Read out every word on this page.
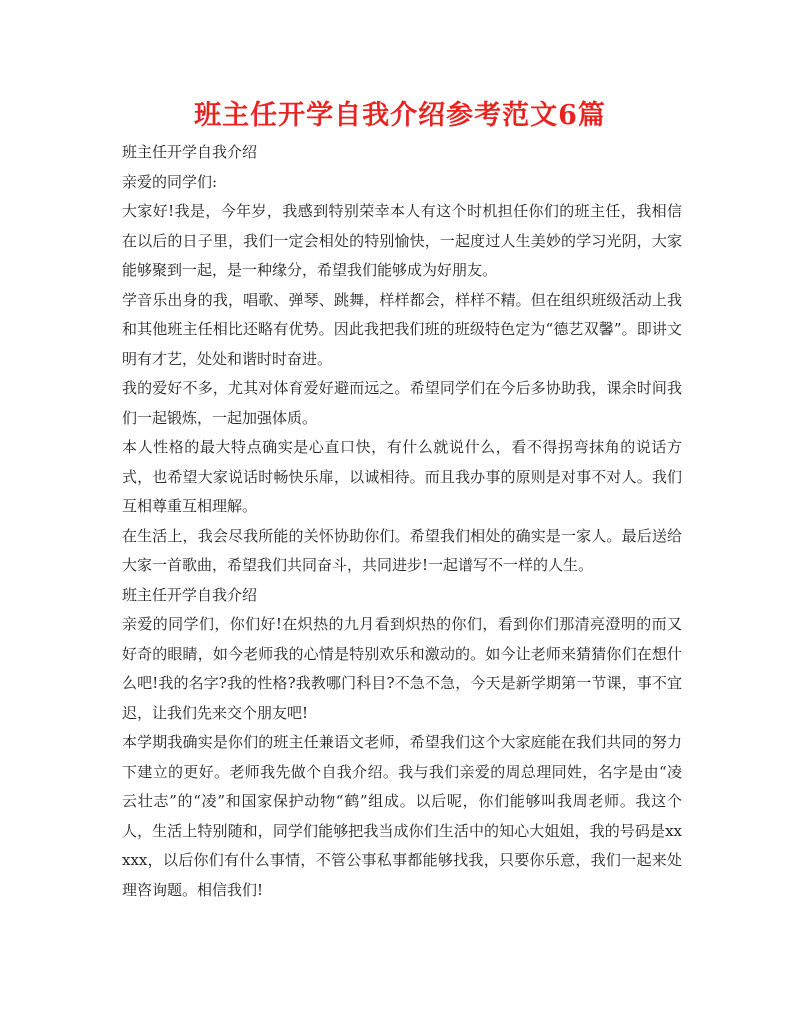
班主任开学自我介绍参考范文6篇

班主任开学自我介绍

亲爱的同学们:

大家好!我是，今年岁，我感到特别荣幸本人有这个时机担任你们的班主任，我相信在以后的日子里，我们一定会相处的特别愉快，一起度过人生美妙的学习光阴，大家能够聚到一起，是一种缘分，希望我们能够成为好朋友。

学音乐出身的我，唱歌、弹琴、跳舞，样样都会，样样不精。但在组织班级活动上我和其他班主任相比还略有优势。因此我把我们班的班级特色定为“德艺双馨”。即讲文明有才艺，处处和谐时时奋进。

我的爱好不多，尤其对体育爱好避而远之。希望同学们在今后多协助我，课余时间我们一起锻炼，一起加强体质。

本人性格的最大特点确实是心直口快，有什么就说什么，看不得拐弯抹角的说话方式，也希望大家说话时畅快乐扉，以诚相待。而且我办事的原则是对事不对人。我们互相尊重互相理解。

在生活上，我会尽我所能的关怀协助你们。希望我们相处的确实是一家人。最后送给大家一首歌曲，希望我们共同奋斗，共同进步!一起谱写不一样的人生。

班主任开学自我介绍

亲爱的同学们，你们好!在炽热的九月看到炽热的你们，看到你们那清亮澄明的而又好奇的眼睛，如今老师我的心情是特别欢乐和激动的。如今让老师来猜猜你们在想什么吧!我的名字?我的性格?我教哪门科目?不急不急，今天是新学期第一节课，事不宜迟，让我们先来交个朋友吧!

本学期我确实是你们的班主任兼语文老师，希望我们这个大家庭能在我们共同的努力下建立的更好。老师我先做个自我介绍。我与我们亲爱的周总理同姓，名字是由“凌云壮志”的“凌”和国家保护动物“鹤”组成。以后呢，你们能够叫我周老师。我这个人，生活上特别随和，同学们能够把我当成你们生活中的知心大姐姐，我的号码是xxxxx，以后你们有什么事情，不管公事私事都能够找我，只要你乐意，我们一起来处理咨询题。相信我们!
